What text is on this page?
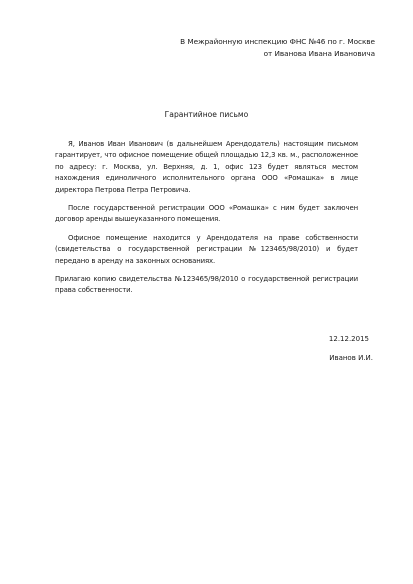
В Межрайонную инспекцию ФНС №46 по г. Москве
от Иванова Ивана Ивановича
Гарантийное письмо

Я, Иванов Иван Иванович (в дальнейшем Арендодатель) настоящим письмом гарантирует, что офисное помещение общей площадью 12,3 кв. м., расположенное по адресу: г. Москва, ул. Верхняя, д. 1, офис 123 будет являться местом нахождения единоличного исполнительного органа ООО «Ромашка» в лице директора Петрова Петра Петровича.

После государственной регистрации ООО «Ромашка» с ним будет заключен договор аренды вышеуказанного помещения.

Офисное помещение находится у Арендодателя на праве собственности (свидетельства о государственной регистрации №123465/98/2010) и будет передано в аренду на законных основаниях.

Прилагаю копию свидетельства №123465/98/2010 о государственной регистрации права собственности.

12.12.2015
Иванов И.И.
